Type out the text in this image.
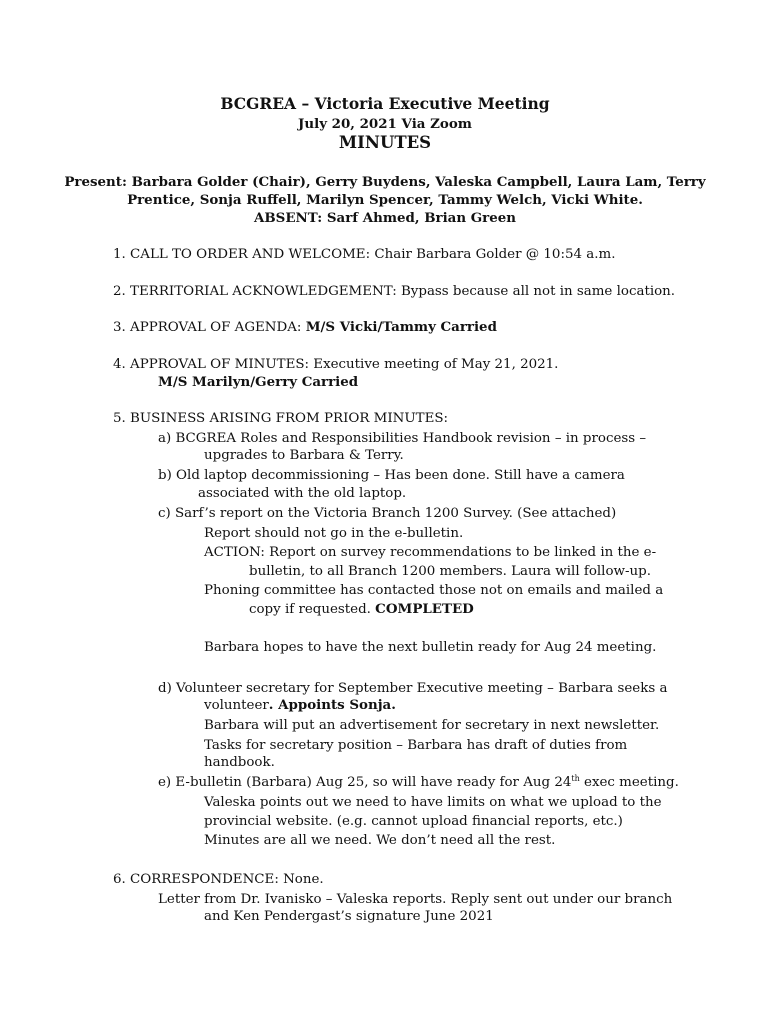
BCGREA – Victoria Executive Meeting
July 20, 2021 Via Zoom
MINUTES
Present: Barbara Golder (Chair), Gerry Buydens, Valeska Campbell, Laura Lam, Terry
Prentice, Sonja Ruffell, Marilyn Spencer, Tammy Welch, Vicki White.
ABSENT: Sarf Ahmed, Brian Green
1. CALL TO ORDER AND WELCOME: Chair Barbara Golder @ 10:54 a.m.
2. TERRITORIAL ACKNOWLEDGEMENT: Bypass because all not in same location.
3. APPROVAL OF AGENDA: M/S Vicki/Tammy Carried
4. APPROVAL OF MINUTES: Executive meeting of May 21, 2021.
M/S Marilyn/Gerry Carried
5. BUSINESS ARISING FROM PRIOR MINUTES:
a) BCGREA Roles and Responsibilities Handbook revision – in process –
upgrades to Barbara & Terry.
b) Old laptop decommissioning – Has been done. Still have a camera
associated with the old laptop.
c) Sarf’s report on the Victoria Branch 1200 Survey. (See attached)
Report should not go in the e-bulletin.
ACTION: Report on survey recommendations to be linked in the e-
bulletin, to all Branch 1200 members. Laura will follow-up.
Phoning committee has contacted those not on emails and mailed a
copy if requested. COMPLETED
Barbara hopes to have the next bulletin ready for Aug 24 meeting.
d) Volunteer secretary for September Executive meeting – Barbara seeks a
volunteer. Appoints Sonja.
Barbara will put an advertisement for secretary in next newsletter.
Tasks for secretary position – Barbara has draft of duties from
handbook.
e) E-bulletin (Barbara) Aug 25, so will have ready for Aug 24th exec meeting.
Valeska points out we need to have limits on what we upload to the
provincial website. (e.g. cannot upload financial reports, etc.)
Minutes are all we need. We don’t need all the rest.
6. CORRESPONDENCE: None.
Letter from Dr. Ivanisko – Valeska reports. Reply sent out under our branch
and Ken Pendergast’s signature June 2021
